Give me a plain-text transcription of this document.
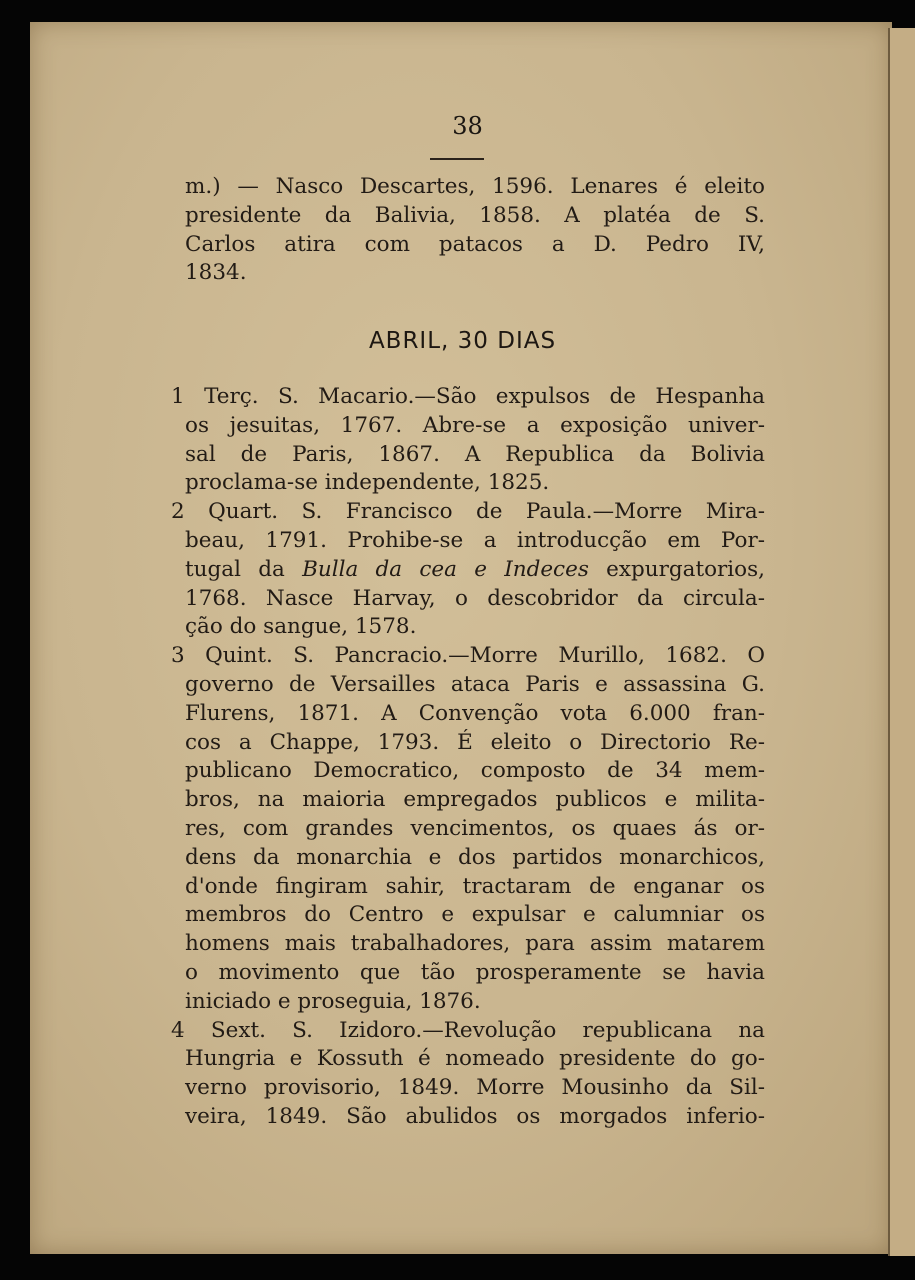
38
m.) — Nasco Descartes, 1596. Lenares é eleito
presidente da Balivia, 1858. A platéa de S.
Carlos atira com patacos a D. Pedro IV,
1834.
ABRIL, 30 DIAS
1 Terç. S. Macario.—São expulsos de Hespanha
os jesuitas, 1767. Abre-se a exposição univer-
sal de Paris, 1867. A Republica da Bolivia
proclama-se independente, 1825.
2 Quart. S. Francisco de Paula.—Morre Mira-
beau, 1791. Prohibe-se a introducção em Por-
tugal da Bulla da cea e Indeces expurgatorios,
1768. Nasce Harvay, o descobridor da circula-
ção do sangue, 1578.
3 Quint. S. Pancracio.—Morre Murillo, 1682. O
governo de Versailles ataca Paris e assassina G.
Flurens, 1871. A Convenção vota 6.000 fran-
cos a Chappe, 1793. É eleito o Directorio Re-
publicano Democratico, composto de 34 mem-
bros, na maioria empregados publicos e milita-
res, com grandes vencimentos, os quaes ás or-
dens da monarchia e dos partidos monarchicos,
d'onde fingiram sahir, tractaram de enganar os
membros do Centro e expulsar e calumniar os
homens mais trabalhadores, para assim matarem
o movimento que tão prosperamente se havia
iniciado e proseguia, 1876.
4 Sext. S. Izidoro.—Revolução republicana na
Hungria e Kossuth é nomeado presidente do go-
verno provisorio, 1849. Morre Mousinho da Sil-
veira, 1849. São abulidos os morgados inferio-
